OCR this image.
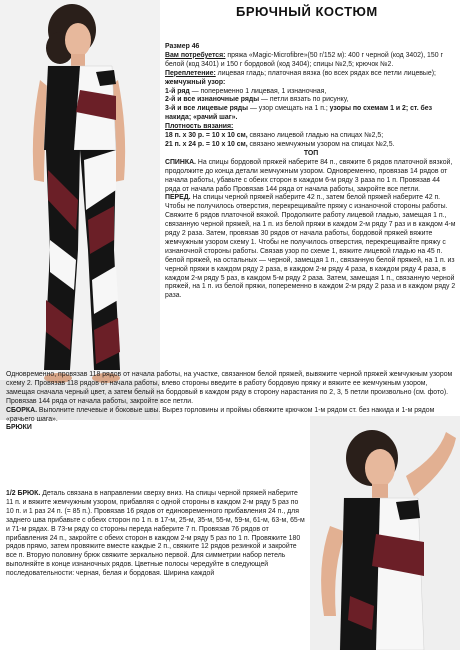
БРЮЧНЫЙ КОСТЮМ

Размер 46

Вам потребуется: пряжа «Magic-Microfibre»(50 г/152 м): 400 г черной (код 3402), 150 г белой (код 3401) и 150 г бордовой (код 3404); спицы №2,5; крючок №2.

Переплетение: лицевая гладь; платочная вязка (во всех рядах все петли лицевые);

жемчужный узор:

1-й ряд — попеременно 1 лицевая, 1 изнаночная,

2-й и все изнаночные ряды — петли вязать по рисунку,

3-й и все лицевые ряды — узор смещать на 1 п.; узоры по схемам 1 и 2; ст. без накида; «рачий шаг».

Плотность вязания:

18 п. х 30 р. = 10 х 10 см, связано лицевой гладью на спицах №2,5;

21 п. х 24 р. = 10 х 10 см, связано жемчужным узором на спицах №2,5.

ТОП

СПИНКА. На спицы бордовой пряжей наберите 84 п., свяжите 6 рядов платочной вязкой, продолжите до конца детали жемчужным узором. Одновременно, провязав 14 рядов от начала работы, убавьте с обеих сторон в каждом 6-м ряду 3 раза по 1 п. Провязав 44 ряда от начала рабо Провязав 144 ряда от начала работы, закройте все петли.

ПЕРЕД. На спицы черной пряжей наберите 42 п., затем белой пряжей наберите 42 п. Чтобы не получилось отверстия, перекрещивайте пряжу с изнаночной стороны работы. Свяжите 6 рядов платочной вязкой. Продолжите работу лицевой гладью, замещая 1 п., связанную черной пряжей, на 1 п. из белой пряжи в каждом 2-м ряду 7 раз и в каждом 4-м ряду 2 раза. Затем, провязав 30 рядов от начала работы, бордовой пряжей вяжите жемчужным узором схему 1. Чтобы не получилось отверстия, перекрещивайте пряжу с изнаночной стороны работы. Связав узор по схеме 1, вяжите лицевой гладью на 45 п. белой пряжей, на остальных — черной, замещая 1 п., связанную белой пряжей, на 1 п. из черной пряжи в каждом ряду 2 раза, в каждом 2-м ряду 4 раза, в каждом ряду 4 раза, в каждом 2-м ряду 5 раз, в каждом 5-м ряду 2 раза. Затем, замещая 1 п., связанную черной пряжей, на 1 п. из белой пряжи, попеременно в каждом 2-м ряду 2 раза и в каждом ряду 2 раза.

Одновременно, провязав 118 рядов от начала работы, на участке, связанном белой пряжей, вывяжите черной пряжей жемчужным узором схему 2. Провязав 118 рядов от начала работы, влево стороны введите в работу бордовую пряжу и вяжите ее жемчужным узором, замещая сначала черный цвет, а затем белый на бордовый в каждом ряду в сторону нарастания по 2, 3, 5 петли произвольно (см. фото). Провязав 144 ряда от начала работы, закройте все петли.

СБОРКА. Выполните плечевые и боковые швы. Вырез горловины и проймы обвяжите крючком 1-м рядом ст. без накида и 1-м рядом «рачьего шага».

БРЮКИ

1/2 БРЮК. Деталь связана в направлении сверху вниз. На спицы черной пряжей наберите 11 п. и вяжите жемчужным узором, прибавляя с одной стороны в каждом 2-м ряду 5 раз по 10 п. и 1 раз 24 п. (= 85 п.). Провязав 16 рядов от единовременного прибавления 24 п., для заднего шва прибавьте с обеих сторон по 1 п. в 17-м, 25-м, 35-м, 55-м, 59-м, 61-м, 63-м, 65-м и 71-м рядах. В 73-м ряду со стороны переда наберите 7 п. Провязав 76 рядов от прибавления 24 п., закройте с обеих сторон в каждом 2-м ряду 5 раз по 1 п. Провяжите 180 рядов прямо, затем провяжите вместе каждые 2 п., свяжите 12 рядов резинкой и закройте все п. Вторую половину брюк свяжите зеркально первой. Для симметрии набор петель выполняйте в конце изнаночных рядов. Цветные полосы чередуйте в следующей последовательности: черная, белая и бордовая. Ширина каждой
